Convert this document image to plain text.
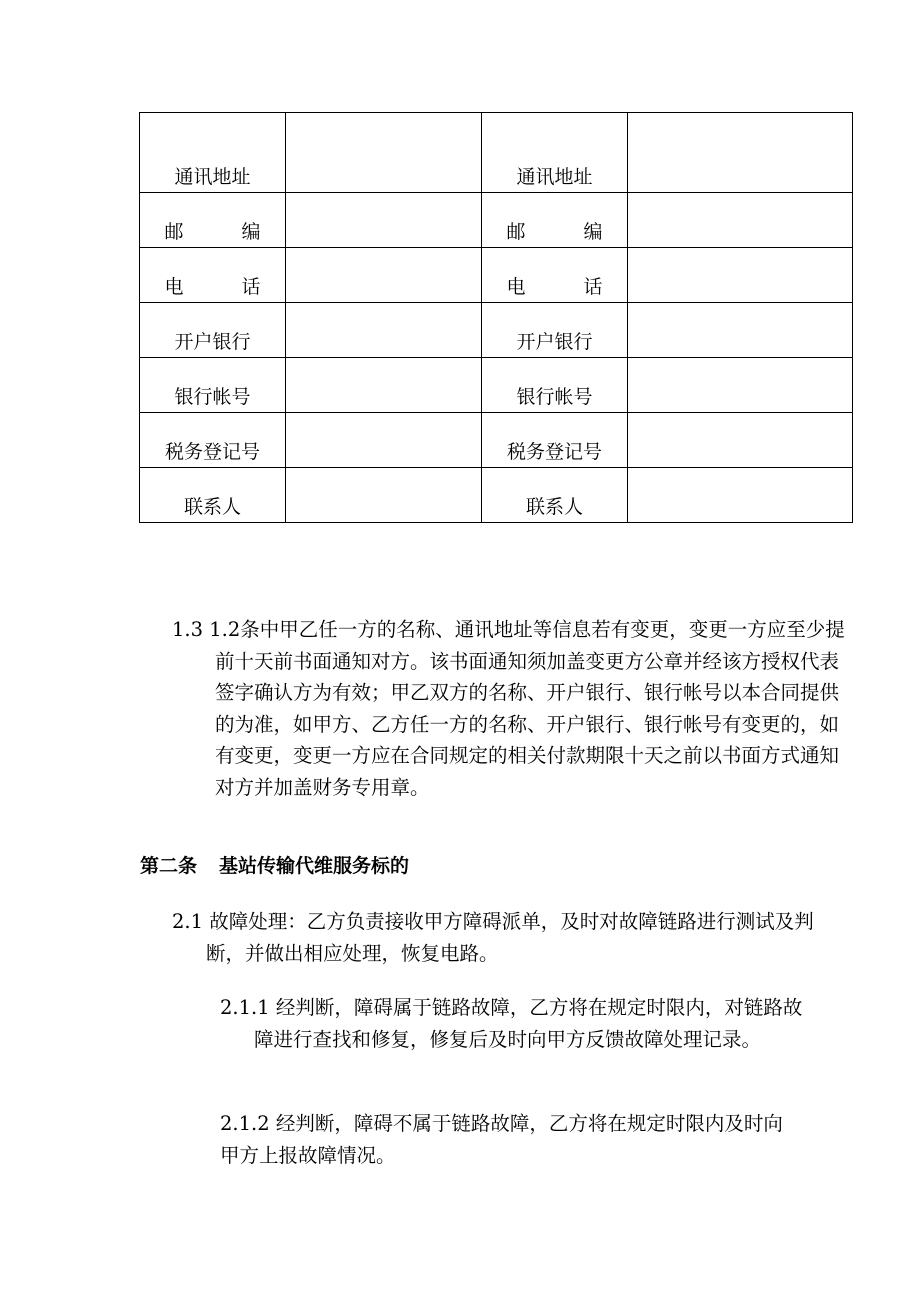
通讯地址		通讯地址	
邮编		邮编	
电话		电话	
开户银行		开户银行	
银行帐号		银行帐号	
税务登记号		税务登记号	
联系人		联系人	

1.3 1.2条中甲乙任一方的名称、通讯地址等信息若有变更，变更一方应至少提前十天前书面通知对方。该书面通知须加盖变更方公章并经该方授权代表签字确认方为有效；甲乙双方的名称、开户银行、银行帐号以本合同提供的为准，如甲方、乙方任一方的名称、开户银行、银行帐号有变更的，如有变更，变更一方应在合同规定的相关付款期限十天之前以书面方式通知对方并加盖财务专用章。

第二条 基站传输代维服务标的

2.1 故障处理：乙方负责接收甲方障碍派单，及时对故障链路进行测试及判断，并做出相应处理，恢复电路。

2.1.1 经判断，障碍属于链路故障，乙方将在规定时限内，对链路故障进行查找和修复，修复后及时向甲方反馈故障处理记录。

2.1.2 经判断，障碍不属于链路故障，乙方将在规定时限内及时向甲方上报故障情况。
